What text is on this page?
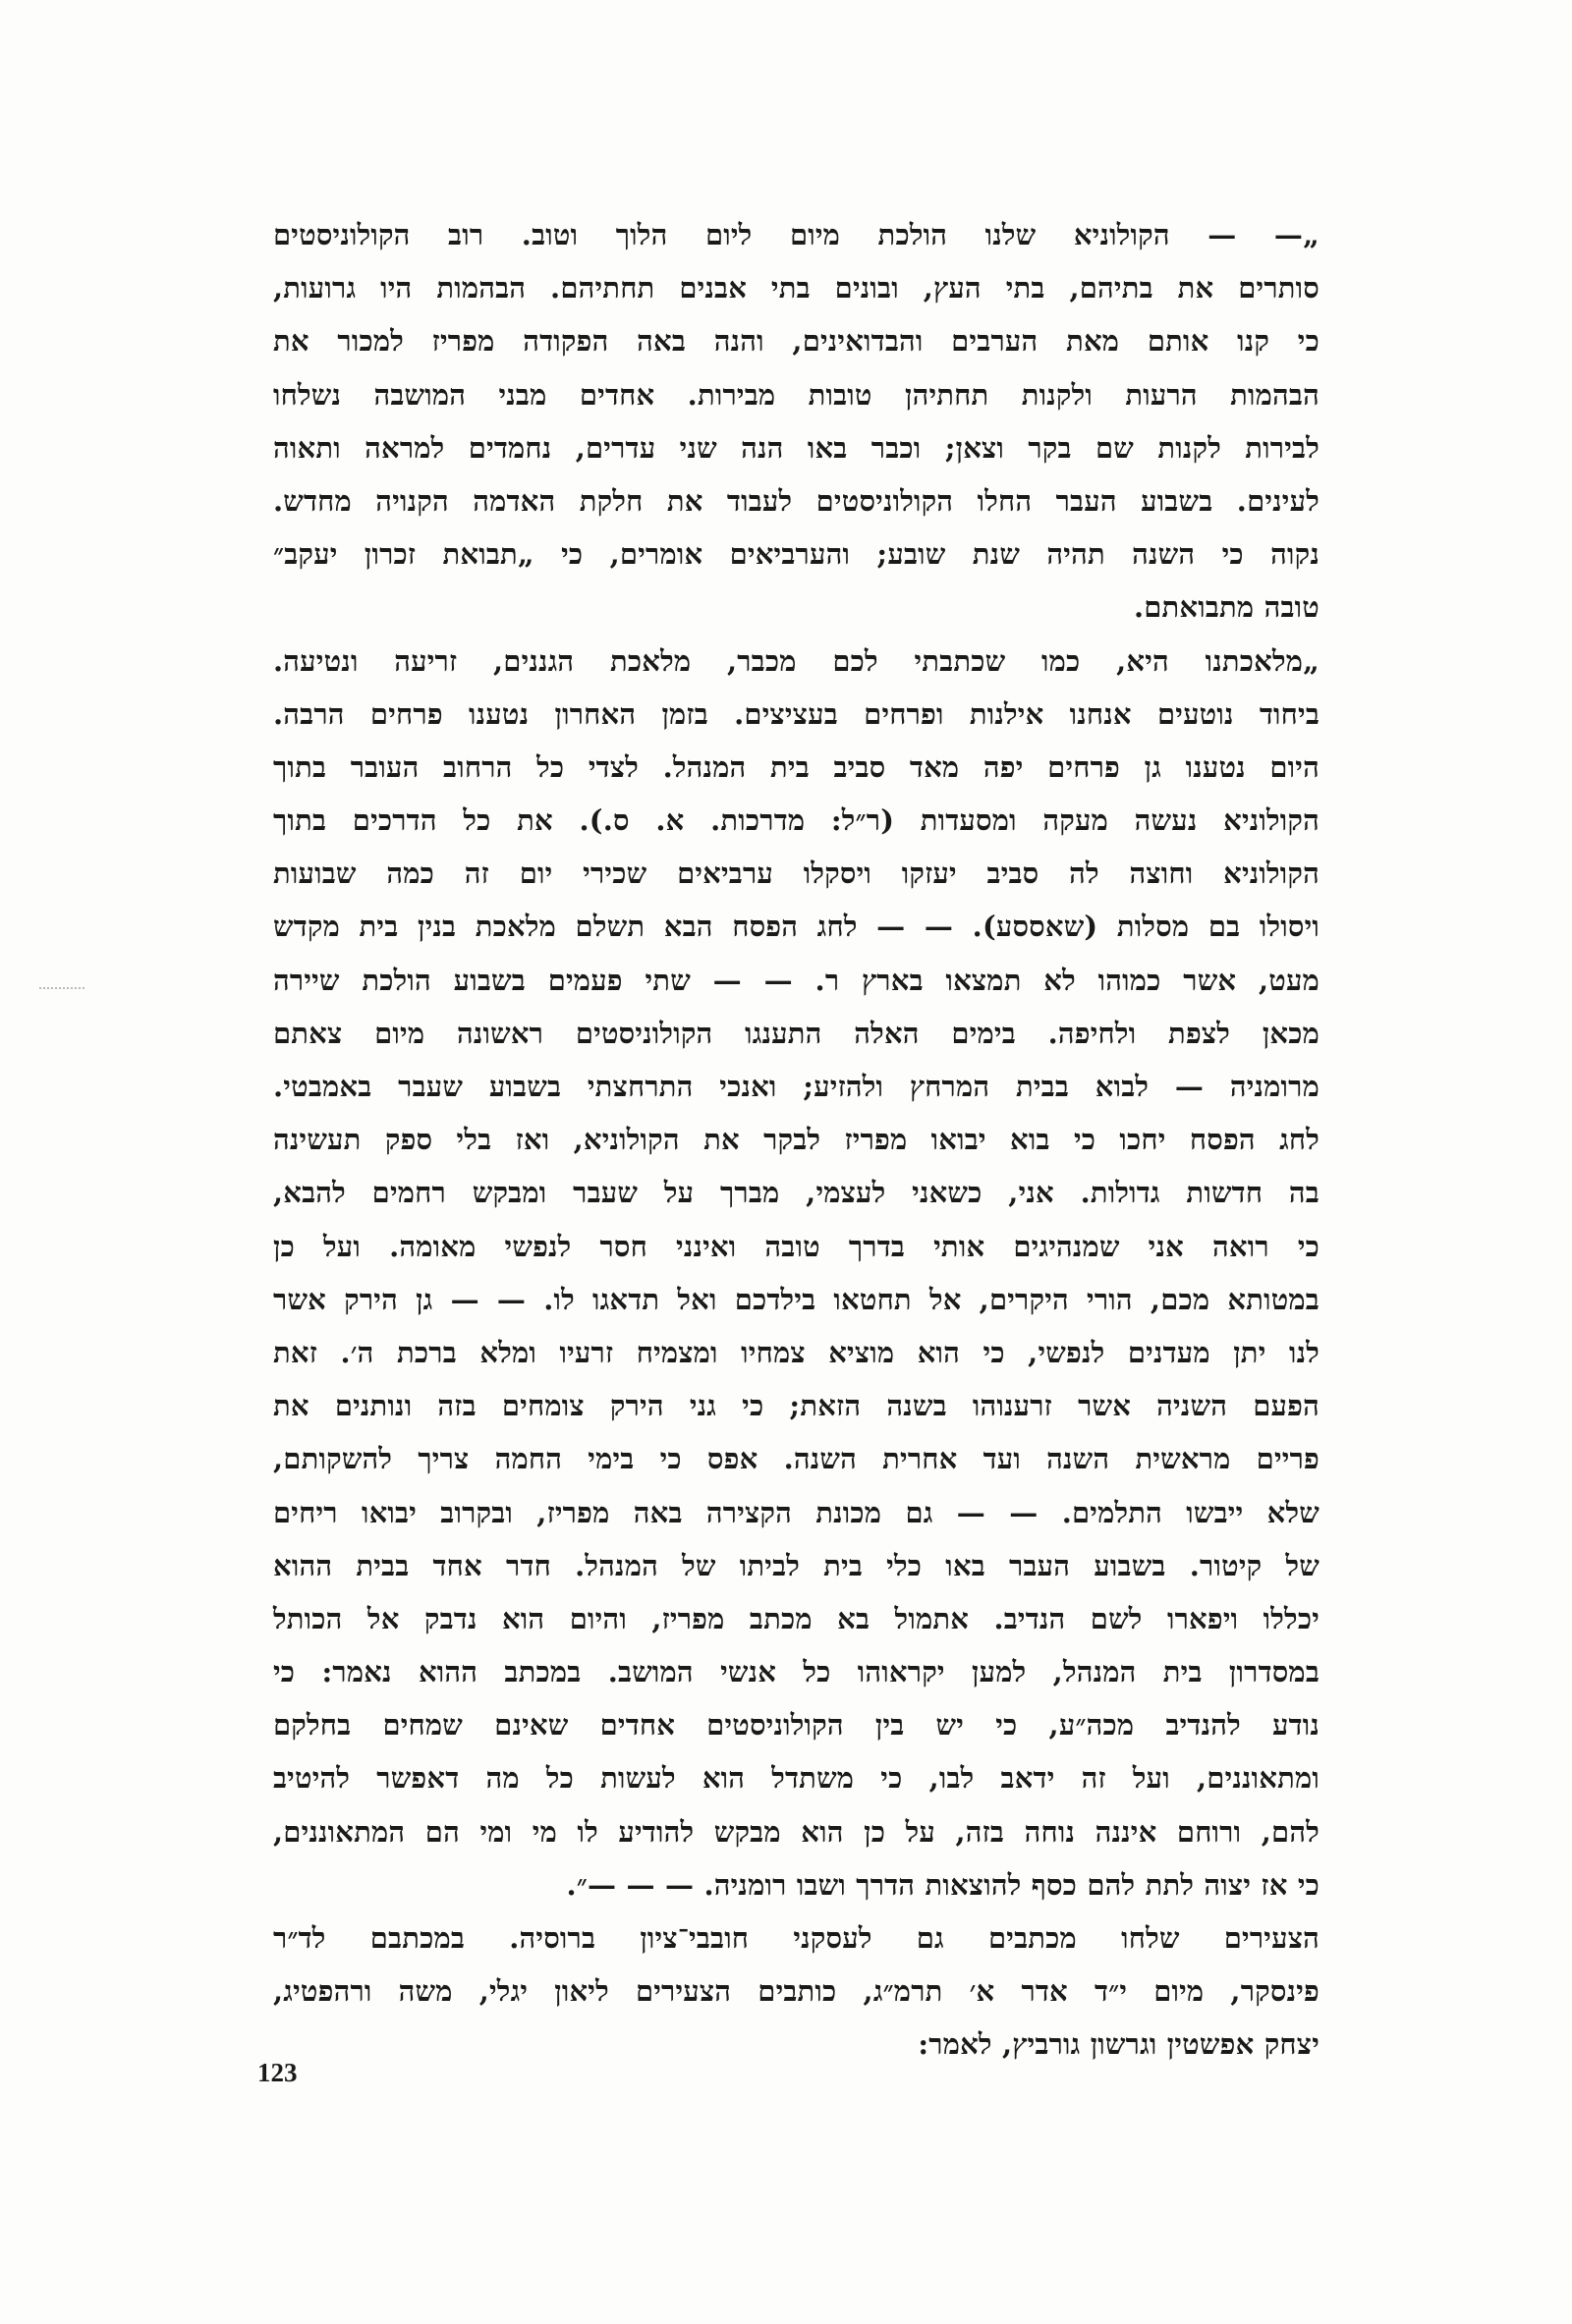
„— — הקולוניא שלנו הולכת מיום ליום הלוך וטוב. רוב הקולוניסטים
סותרים את בתיהם, בתי העץ, ובונים בתי אבנים תחתיהם. הבהמות היו גרועות,
כי קנו אותם מאת הערבים והבדואינים, והנה באה הפקודה מפריז למכור את
הבהמות הרעות ולקנות תחתיהן טובות מבירות. אחדים מבני המושבה נשלחו
לבירות לקנות שם בקר וצאן; וכבר באו הנה שני עדרים, נחמדים למראה ותאוה
לעינים. בשבוע העבר החלו הקולוניסטים לעבוד את חלקת האדמה הקנויה מחדש.
נקוה כי השנה תהיה שנת שובע; והערביאים אומרים, כי „תבואת זכרון יעקב״
טובה מתבואתם.
„מלאכתנו היא, כמו שכתבתי לכם מכבר, מלאכת הגננים, זריעה ונטיעה.
ביחוד נוטעים אנחנו אילנות ופרחים בעציצים. בזמן האחרון נטענו פרחים הרבה.
היום נטענו גן פרחים יפה מאד סביב בית המנהל. לצדי כל הרחוב העובר בתוך
הקולוניא נעשה מעקה ומסעדות (ר״ל: מדרכות. א. ס.). את כל הדרכים בתוך
הקולוניא וחוצה לה סביב יעזקו ויסקלו ערביאים שכירי יום זה כמה שבועות
ויסולו בם מסלות (שאססע). — — לחג הפסח הבא תשלם מלאכת בנין בית מקדש
מעט, אשר כמוהו לא תמצאו בארץ ר. — — שתי פעמים בשבוע הולכת שיירה
מכאן לצפת ולחיפה. בימים האלה התענגו הקולוניסטים ראשונה מיום צאתם
מרומניה — לבוא בבית המרחץ ולהזיע; ואנכי התרחצתי בשבוע שעבר באמבטי.
לחג הפסח יחכו כי בוא יבואו מפריז לבקר את הקולוניא, ואז בלי ספק תעשינה
בה חדשות גדולות. אני, כשאני לעצמי, מברך על שעבר ומבקש רחמים להבא,
כי רואה אני שמנהיגים אותי בדרך טובה ואינני חסר לנפשי מאומה. ועל כן
במטותא מכם, הורי היקרים, אל תחטאו בילדכם ואל תדאגו לו. — — גן הירק אשר
לנו יתן מעדנים לנפשי, כי הוא מוציא צמחיו ומצמיח זרעיו ומלא ברכת ה׳. זאת
הפעם השניה אשר זרענוהו בשנה הזאת; כי גני הירק צומחים בזה ונותנים את
פריים מראשית השנה ועד אחרית השנה. אפס כי בימי החמה צריך להשקותם,
שלא ייבשו התלמים. — — גם מכונת הקצירה באה מפריז, ובקרוב יבואו ריחים
של קיטור. בשבוע העבר באו כלי בית לביתו של המנהל. חדר אחד בבית ההוא
יכללו ויפארו לשם הנדיב. אתמול בא מכתב מפריז, והיום הוא נדבק אל הכותל
במסדרון בית המנהל, למען יקראוהו כל אנשי המושב. במכתב ההוא נאמר: כי
נודע להנדיב מכה״ע, כי יש בין הקולוניסטים אחדים שאינם שמחים בחלקם
ומתאוננים, ועל זה ידאב לבו, כי משתדל הוא לעשות כל מה דאפשר להיטיב
להם, ורוחם איננה נוחה בזה, על כן הוא מבקש להודיע לו מי ומי הם המתאוננים,
כי אז יצוה לתת להם כסף להוצאות הדרך ושבו רומניה. — — —״.
הצעירים שלחו מכתבים גם לעסקני חובבי־ציון ברוסיה. במכתבם לד״ר
פינסקר, מיום י״ד אדר א׳ תרמ״ג, כותבים הצעירים ליאון יגלי, משה ורהפטיג,
יצחק אפשטין וגרשון גורביץ, לאמר:
123
